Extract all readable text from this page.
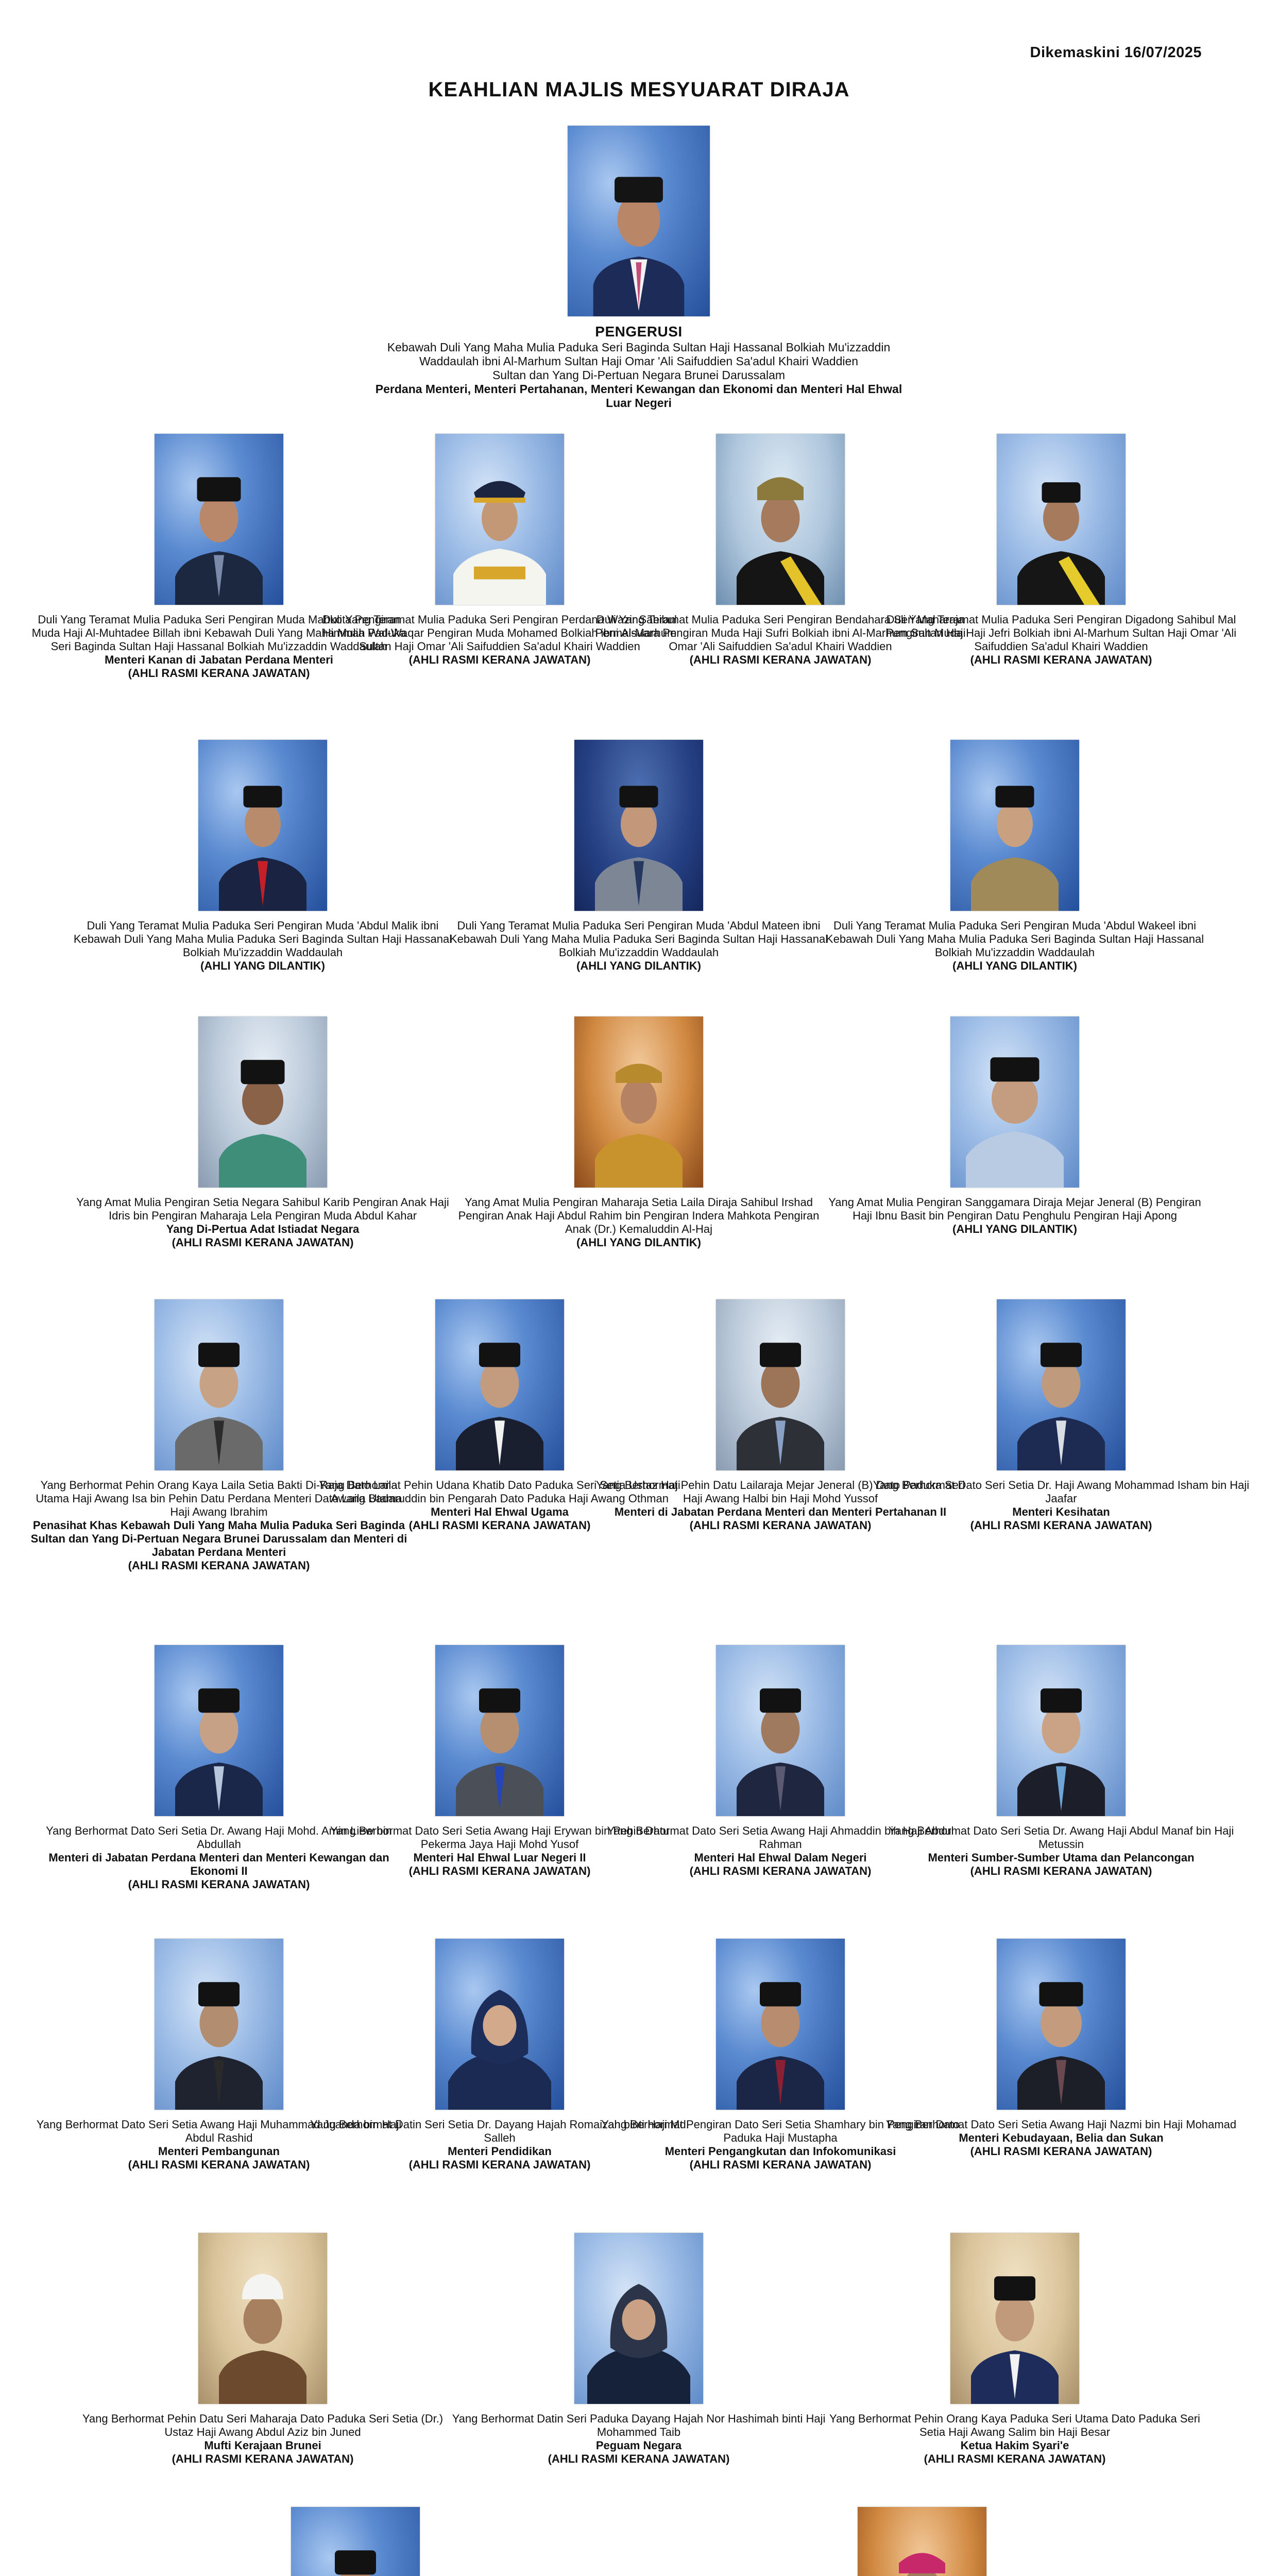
Dikemaskini 16/07/2025
KEAHLIAN MAJLIS MESYUARAT DIRAJA
PENGERUSI
Kebawah Duli Yang Maha Mulia Paduka Seri Baginda Sultan Haji Hassanal Bolkiah Mu'izzaddin
Waddaulah ibni Al-Marhum Sultan Haji Omar 'Ali Saifuddien Sa'adul Khairi Waddien
Sultan dan Yang Di-Pertuan Negara Brunei Darussalam
Perdana Menteri, Menteri Pertahanan, Menteri Kewangan dan Ekonomi dan Menteri Hal Ehwal Luar Negeri
Duli Yang Teramat Mulia Paduka Seri Pengiran Muda Mahkota Pengiran Muda Haji Al-Muhtadee Billah ibni Kebawah Duli Yang Maha Mulia Paduka Seri Baginda Sultan Haji Hassanal Bolkiah Mu'izzaddin Waddaulah
Menteri Kanan di Jabatan Perdana Menteri
(AHLI RASMI KERANA JAWATAN)
Duli Yang Teramat Mulia Paduka Seri Pengiran Perdana Wazir Sahibul Himmah Wal-Waqar Pengiran Muda Mohamed Bolkiah ibni Al-Marhum Sultan Haji Omar 'Ali Saifuddien Sa'adul Khairi Waddien
(AHLI RASMI KERANA JAWATAN)
Duli Yang Teramat Mulia Paduka Seri Pengiran Bendahara Seri Maharaja Permaisuara Pengiran Muda Haji Sufri Bolkiah ibni Al-Marhum Sultan Haji Omar 'Ali Saifuddien Sa'adul Khairi Waddien
(AHLI RASMI KERANA JAWATAN)
Duli Yang Teramat Mulia Paduka Seri Pengiran Digadong Sahibul Mal Pengiran Muda Haji Jefri Bolkiah ibni Al-Marhum Sultan Haji Omar 'Ali Saifuddien Sa'adul Khairi Waddien
(AHLI RASMI KERANA JAWATAN)
Duli Yang Teramat Mulia Paduka Seri Pengiran Muda 'Abdul Malik ibni Kebawah Duli Yang Maha Mulia Paduka Seri Baginda Sultan Haji Hassanal Bolkiah Mu'izzaddin Waddaulah
(AHLI YANG DILANTIK)
Duli Yang Teramat Mulia Paduka Seri Pengiran Muda 'Abdul Mateen ibni Kebawah Duli Yang Maha Mulia Paduka Seri Baginda Sultan Haji Hassanal Bolkiah Mu'izzaddin Waddaulah
(AHLI YANG DILANTIK)
Duli Yang Teramat Mulia Paduka Seri Pengiran Muda 'Abdul Wakeel ibni Kebawah Duli Yang Maha Mulia Paduka Seri Baginda Sultan Haji Hassanal Bolkiah Mu'izzaddin Waddaulah
(AHLI YANG DILANTIK)
Yang Amat Mulia Pengiran Setia Negara Sahibul Karib Pengiran Anak Haji Idris bin Pengiran Maharaja Lela Pengiran Muda Abdul Kahar
Yang Di-Pertua Adat Istiadat Negara
(AHLI RASMI KERANA JAWATAN)
Yang Amat Mulia Pengiran Maharaja Setia Laila Diraja Sahibul Irshad Pengiran Anak Haji Abdul Rahim bin Pengiran Indera Mahkota Pengiran Anak (Dr.) Kemaluddin Al-Haj
(AHLI YANG DILANTIK)
Yang Amat Mulia Pengiran Sanggamara Diraja Mejar Jeneral (B) Pengiran Haji Ibnu Basit bin Pengiran Datu Penghulu Pengiran Haji Apong
(AHLI YANG DILANTIK)
Yang Berhormat Pehin Orang Kaya Laila Setia Bakti Di-Raja Dato Laila Utama Haji Awang Isa bin Pehin Datu Perdana Menteri Dato Laila Utama Haji Awang Ibrahim
Penasihat Khas Kebawah Duli Yang Maha Mulia Paduka Seri Baginda Sultan dan Yang Di-Pertuan Negara Brunei Darussalam dan Menteri di Jabatan Perdana Menteri
(AHLI RASMI KERANA JAWATAN)
Yang Berhormat Pehin Udana Khatib Dato Paduka Seri Setia Ustaz Haji Awang Badaruddin bin Pengarah Dato Paduka Haji Awang Othman
Menteri Hal Ehwal Ugama
(AHLI RASMI KERANA JAWATAN)
Yang Berhormat Pehin Datu Lailaraja Mejar Jeneral (B) Dato Paduka Seri Haji Awang Halbi bin Haji Mohd Yussof
Menteri di Jabatan Perdana Menteri dan Menteri Pertahanan II
(AHLI RASMI KERANA JAWATAN)
Yang Berhormat Dato Seri Setia Dr. Haji Awang Mohammad Isham bin Haji Jaafar
Menteri Kesihatan
(AHLI RASMI KERANA JAWATAN)
Yang Berhormat Dato Seri Setia Dr. Awang Haji Mohd. Amin Liew bin Abdullah
Menteri di Jabatan Perdana Menteri dan Menteri Kewangan dan Ekonomi II
(AHLI RASMI KERANA JAWATAN)
Yang Berhormat Dato Seri Setia Awang Haji Erywan bin Pehin Datu Pekerma Jaya Haji Mohd Yusof
Menteri Hal Ehwal Luar Negeri II
(AHLI RASMI KERANA JAWATAN)
Yang Berhormat Dato Seri Setia Awang Haji Ahmaddin bin Haji Abdul Rahman
Menteri Hal Ehwal Dalam Negeri
(AHLI RASMI KERANA JAWATAN)
Yang Berhormat Dato Seri Setia Dr. Awang Haji Abdul Manaf bin Haji Metussin
Menteri Sumber-Sumber Utama dan Pelancongan
(AHLI RASMI KERANA JAWATAN)
Yang Berhormat Dato Seri Setia Awang Haji Muhammad Juanda bin Haji Abdul Rashid
Menteri Pembangunan
(AHLI RASMI KERANA JAWATAN)
Yang Berhormat Datin Seri Setia Dr. Dayang Hajah Romaizah binti Haji Md. Salleh
Menteri Pendidikan
(AHLI RASMI KERANA JAWATAN)
Yang Berhormat Pengiran Dato Seri Setia Shamhary bin Pengiran Dato Paduka Haji Mustapha
Menteri Pengangkutan dan Infokomunikasi
(AHLI RASMI KERANA JAWATAN)
Yang Berhormat Dato Seri Setia Awang Haji Nazmi bin Haji Mohamad
Menteri Kebudayaan, Belia dan Sukan
(AHLI RASMI KERANA JAWATAN)
Yang Berhormat Pehin Datu Seri Maharaja Dato Paduka Seri Setia (Dr.) Ustaz Haji Awang Abdul Aziz bin Juned
Mufti Kerajaan Brunei
(AHLI RASMI KERANA JAWATAN)
Yang Berhormat Datin Seri Paduka Dayang Hajah Nor Hashimah binti Haji Mohammed Taib
Peguam Negara
(AHLI RASMI KERANA JAWATAN)
Yang Berhormat Pehin Orang Kaya Paduka Seri Utama Dato Paduka Seri Setia Haji Awang Salim bin Haji Besar
Ketua Hakim Syari'e
(AHLI RASMI KERANA JAWATAN)
